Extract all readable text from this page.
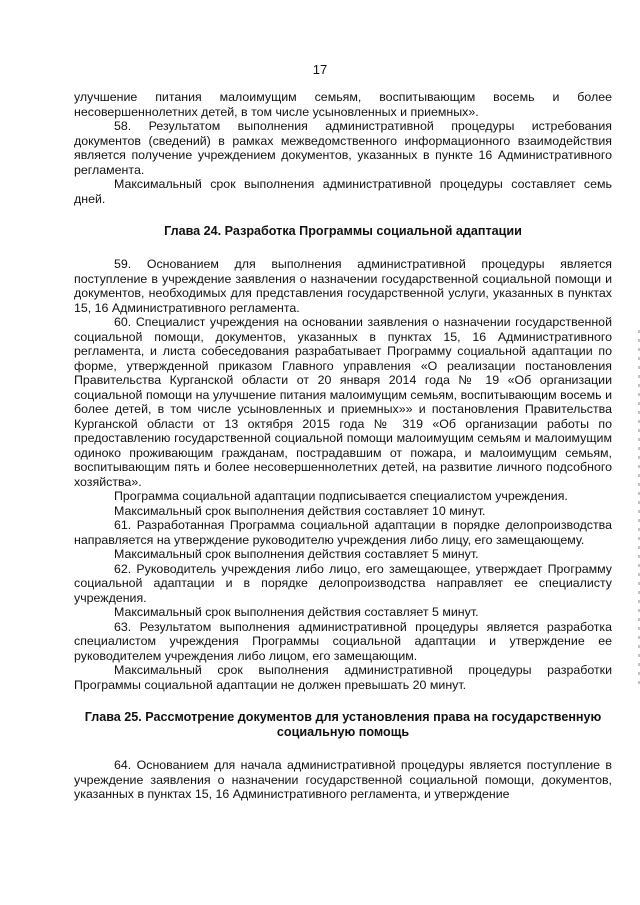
17

улучшение питания малоимущим семьям, воспитывающим восемь и более несовершеннолетних детей, в том числе усыновленных и приемных».

58. Результатом выполнения административной процедуры истребования документов (сведений) в рамках межведомственного информационного взаимодействия является получение учреждением документов, указанных в пункте 16 Административного регламента.

Максимальный срок выполнения административной процедуры составляет семь дней.

Глава 24. Разработка Программы социальной адаптации

59. Основанием для выполнения административной процедуры является поступление в учреждение заявления о назначении государственной социальной помощи и документов, необходимых для представления государственной услуги, указанных в пунктах 15, 16 Административного регламента.

60. Специалист учреждения на основании заявления о назначении государственной социальной помощи, документов, указанных в пунктах 15, 16 Административного регламента, и листа собеседования разрабатывает Программу социальной адаптации по форме, утвержденной приказом Главного управления «О реализации постановления Правительства Курганской области от 20 января 2014 года № 19 «Об организации социальной помощи на улучшение питания малоимущим семьям, воспитывающим восемь и более детей, в том числе усыновленных и приемных»» и постановления Правительства Курганской области от 13 октября 2015 года № 319 «Об организации работы по предоставлению государственной социальной помощи малоимущим семьям и малоимущим одиноко проживающим гражданам, пострадавшим от пожара, и малоимущим семьям, воспитывающим пять и более несовершеннолетних детей, на развитие личного подсобного хозяйства».

Программа социальной адаптации подписывается специалистом учреждения.

Максимальный срок выполнения действия составляет 10 минут.

61. Разработанная Программа социальной адаптации в порядке делопроизводства направляется на утверждение руководителю учреждения либо лицу, его замещающему.

Максимальный срок выполнения действия составляет 5 минут.

62. Руководитель учреждения либо лицо, его замещающее, утверждает Программу социальной адаптации и в порядке делопроизводства направляет ее специалисту учреждения.

Максимальный срок выполнения действия составляет 5 минут.

63. Результатом выполнения административной процедуры является разработка специалистом учреждения Программы социальной адаптации и утверждение ее руководителем учреждения либо лицом, его замещающим.

Максимальный срок выполнения административной процедуры разработки Программы социальной адаптации не должен превышать 20 минут.

Глава 25. Рассмотрение документов для установления права на государственную социальную помощь

64. Основанием для начала административной процедуры является поступление в учреждение заявления о назначении государственной социальной помощи, документов, указанных в пунктах 15, 16 Административного регламента, и утверждение
